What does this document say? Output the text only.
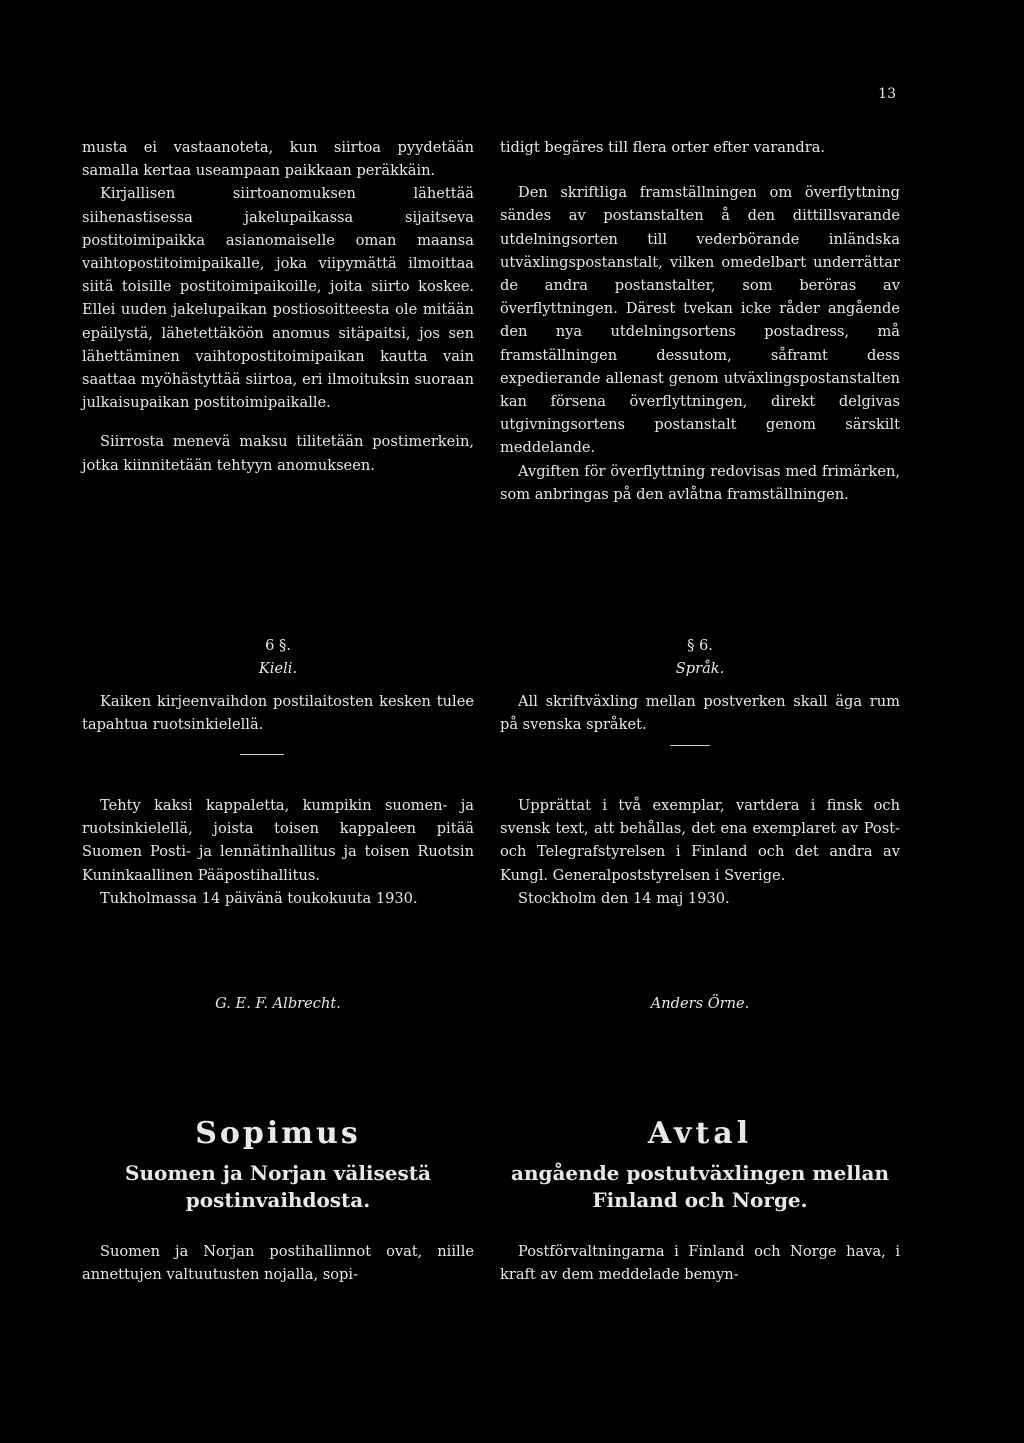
13

musta ei vastaanoteta, kun siirtoa pyydetään samalla kertaa useampaan paikkaan peräkkäin.

Kirjallisen siirtoanomuksen lähettää siihenastisessa jakelupaikassa sijaitseva postitoimipaikka asianomaiselle oman maansa vaihtopostitoimipaikalle, joka viipymättä ilmoittaa siitä toisille postitoimipaikoille, joita siirto koskee. Ellei uuden jakelupaikan postiosoitteesta ole mitään epäilystä, lähetettäköön anomus sitäpaitsi, jos sen lähettäminen vaihtopostitoimipaikan kautta vain saattaa myöhästyttää siirtoa, eri ilmoituksin suoraan julkaisupaikan postitoimipaikalle.

Siirrosta menevä maksu tilitetään postimerkein, jotka kiinnitetään tehtyyn anomukseen.

6 §.
Kieli.

Kaiken kirjeenvaihdon postilaitosten kesken tulee tapahtua ruotsinkielellä.

Tehty kaksi kappaletta, kumpikin suomen- ja ruotsinkielellä, joista toisen kappaleen pitää Suomen Posti- ja lennätinhallitus ja toisen Ruotsin Kuninkaallinen Pääpostihallitus.

Tukholmassa 14 päivänä toukokuuta 1930.

G. E. F. Albrecht.
Sopimus
Suomen ja Norjan välisestä postinvaihdosta.

Suomen ja Norjan postihallinnot ovat, niille annettujen valtuutusten nojalla, sopi-

tidigt begäres till flera orter efter varandra.

Den skriftliga framställningen om överflyttning sändes av postanstalten å den dittillsvarande utdelningsorten till vederbörande inländska utväxlingspostanstalt, vilken omedelbart underrättar de andra postanstalter, som beröras av överflyttningen. Därest tvekan icke råder angående den nya utdelningsortens postadress, må framställningen dessutom, såframt dess expedierande allenast genom utväxlingspostanstalten kan försena överflyttningen, direkt delgivas utgivningsortens postanstalt genom särskilt meddelande.

Avgiften för överflyttning redovisas med frimärken, som anbringas på den avlåtna framställningen.

§ 6.
Språk.

All skriftväxling mellan postverken skall äga rum på svenska språket.

Upprättat i två exemplar, vartdera i finsk och svensk text, att behållas, det ena exemplaret av Post- och Telegrafstyrelsen i Finland och det andra av Kungl. Generalpoststyrelsen i Sverige.

Stockholm den 14 maj 1930.

Anders Örne.
Avtal
angående postutväxlingen mellan Finland och Norge.

Postförvaltningarna i Finland och Norge hava, i kraft av dem meddelade bemyn-
